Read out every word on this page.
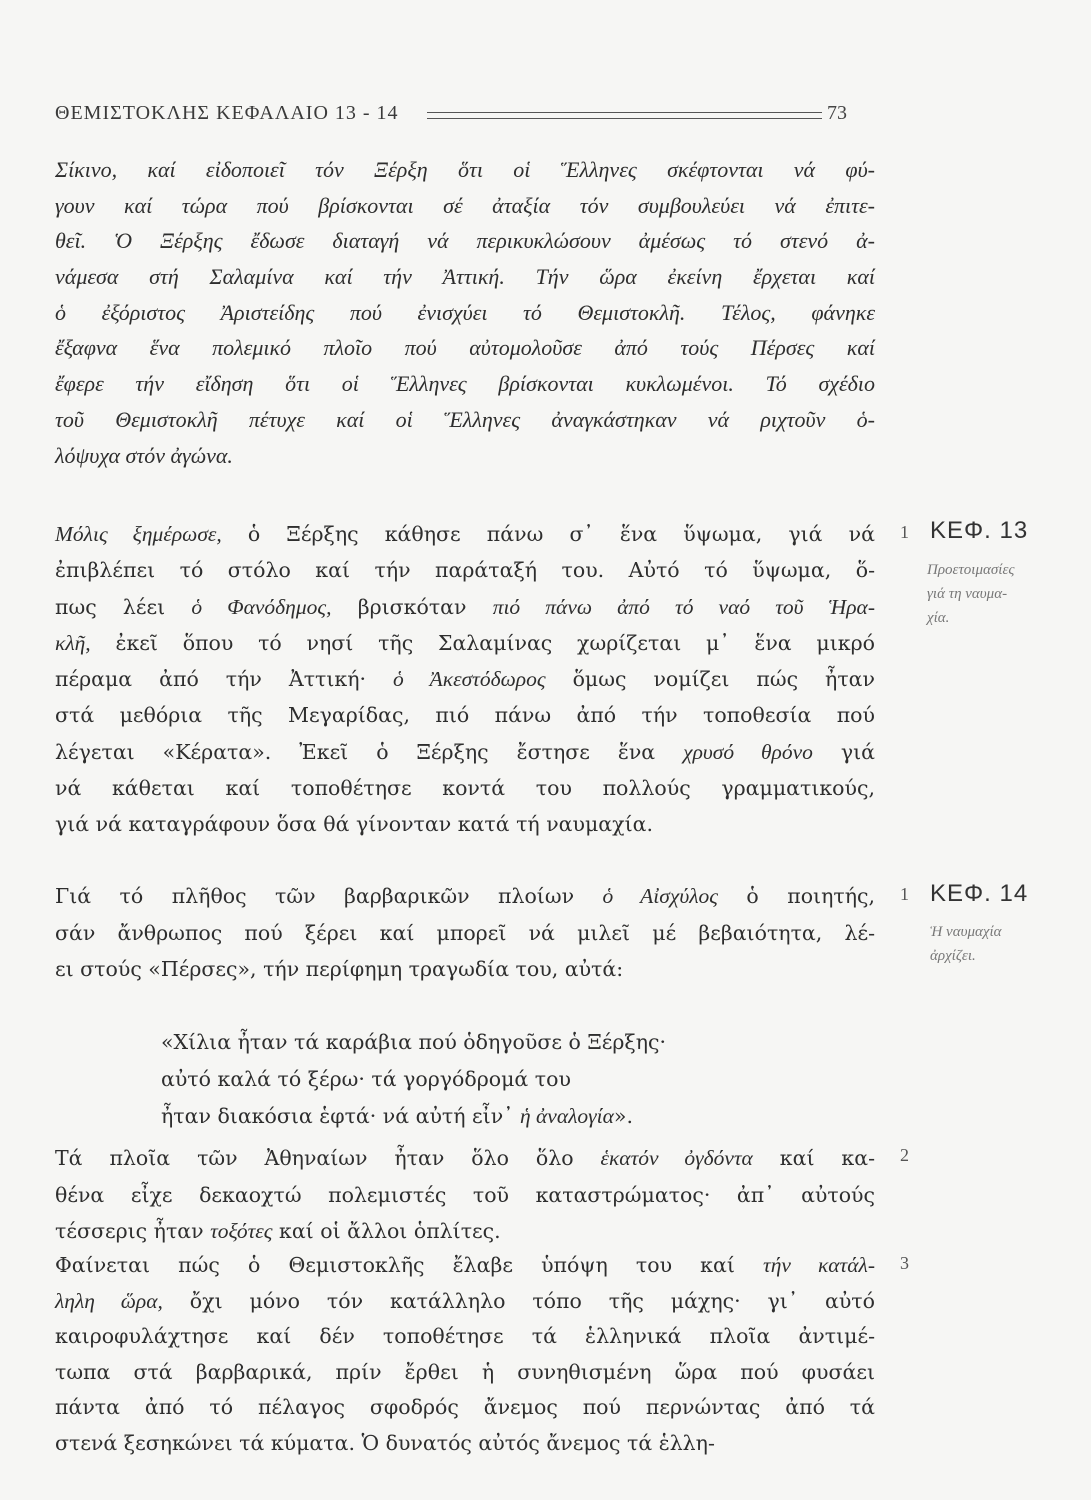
ΘΕΜΙΣΤΟΚΛΗΣ ΚΕΦΑΛΑΙΟ 13 - 14	73
Σίκινο, καί εἰδοποιεῖ τόν Ξέρξη ὅτι οἱ Ἕλληνες σκέφτονται νά φύ-
γουν καί τώρα πού βρίσκονται σέ ἀταξία τόν συμβουλεύει νά ἐπιτε-
θεῖ. Ὁ Ξέρξης ἔδωσε διαταγή νά περικυκλώσουν ἀμέσως τό στενό ἀ-
νάμεσα στή Σαλαμίνα καί τήν Ἀττική. Τήν ὥρα ἐκείνη ἔρχεται καί
ὁ ἐξόριστος Ἀριστείδης πού ἐνισχύει τό Θεμιστοκλῆ. Τέλος, φάνηκε
ἔξαφνα ἕνα πολεμικό πλοῖο πού αὐτομολοῦσε ἀπό τούς Πέρσες καί
ἔφερε τήν εἴδηση ὅτι οἱ Ἕλληνες βρίσκονται κυκλωμένοι. Τό σχέδιο
τοῦ Θεμιστοκλῆ πέτυχε καί οἱ Ἕλληνες ἀναγκάστηκαν νά ριχτοῦν ὁ-
λόψυχα στόν ἀγώνα.
Μόλις ξημέρωσε, ὁ Ξέρξης κάθησε πάνω σ᾽ ἕνα ὕψωμα, γιά νά
ἐπιβλέπει τό στόλο καί τήν παράταξή του. Αὐτό τό ὕψωμα, ὅ-
πως λέει ὁ Φανόδημος, βρισκόταν πιό πάνω ἀπό τό ναό τοῦ Ἡρα-
κλῆ, ἐκεῖ ὅπου τό νησί τῆς Σαλαμίνας χωρίζεται μ᾽ ἕνα μικρό
πέραμα ἀπό τήν Ἀττική· ὁ Ἀκεστόδωρος ὅμως νομίζει πώς ἦταν
στά μεθόρια τῆς Μεγαρίδας, πιό πάνω ἀπό τήν τοποθεσία πού
λέγεται «Κέρατα». Ἐκεῖ ὁ Ξέρξης ἔστησε ἕνα χρυσό θρόνο γιά
νά κάθεται καί τοποθέτησε κοντά του πολλούς γραμματικούς,
γιά νά καταγράφουν ὅσα θά γίνονταν κατά τή ναυμαχία.
1 ΚΕΦ. 13
Προετοιμασίες
γιά τη ναυμα-
χία.
Γιά τό πλῆθος τῶν βαρβαρικῶν πλοίων ὁ Αἰσχύλος ὁ ποιητής,
σάν ἄνθρωπος πού ξέρει καί μπορεῖ νά μιλεῖ μέ βεβαιότητα, λέ-
ει στούς «Πέρσες», τήν περίφημη τραγωδία του, αὐτά:
1 ΚΕΦ. 14
Ἡ ναυμαχία
ἀρχίζει.
«Χίλια ἦταν τά καράβια πού ὁδηγοῦσε ὁ Ξέρξης·
αὐτό καλά τό ξέρω· τά γοργόδρομά του
ἦταν διακόσια ἑφτά· νά αὐτή εἶν᾽ ἡ ἀναλογία».
Τά πλοῖα τῶν Ἀθηναίων ἦταν ὅλο ὅλο ἑκατόν ὀγδόντα καί κα-
θένα εἶχε δεκαοχτώ πολεμιστές τοῦ καταστρώματος· ἀπ᾽ αὐτούς
τέσσερις ἦταν τοξότες καί οἱ ἄλλοι ὁπλίτες.
2
Φαίνεται πώς ὁ Θεμιστοκλῆς ἔλαβε ὑπόψη του καί τήν κατάλ-
ληλη ὥρα, ὄχι μόνο τόν κατάλληλο τόπο τῆς μάχης· γι᾽ αὐτό
καιροφυλάχτησε καί δέν τοποθέτησε τά ἑλληνικά πλοῖα ἀντιμέ-
τωπα στά βαρβαρικά, πρίν ἔρθει ἡ συνηθισμένη ὥρα πού φυσάει
πάντα ἀπό τό πέλαγος σφοδρός ἄνεμος πού περνώντας ἀπό τά
στενά ξεσηκώνει τά κύματα. Ὁ δυνατός αὐτός ἄνεμος τά ἑλλη-
3
